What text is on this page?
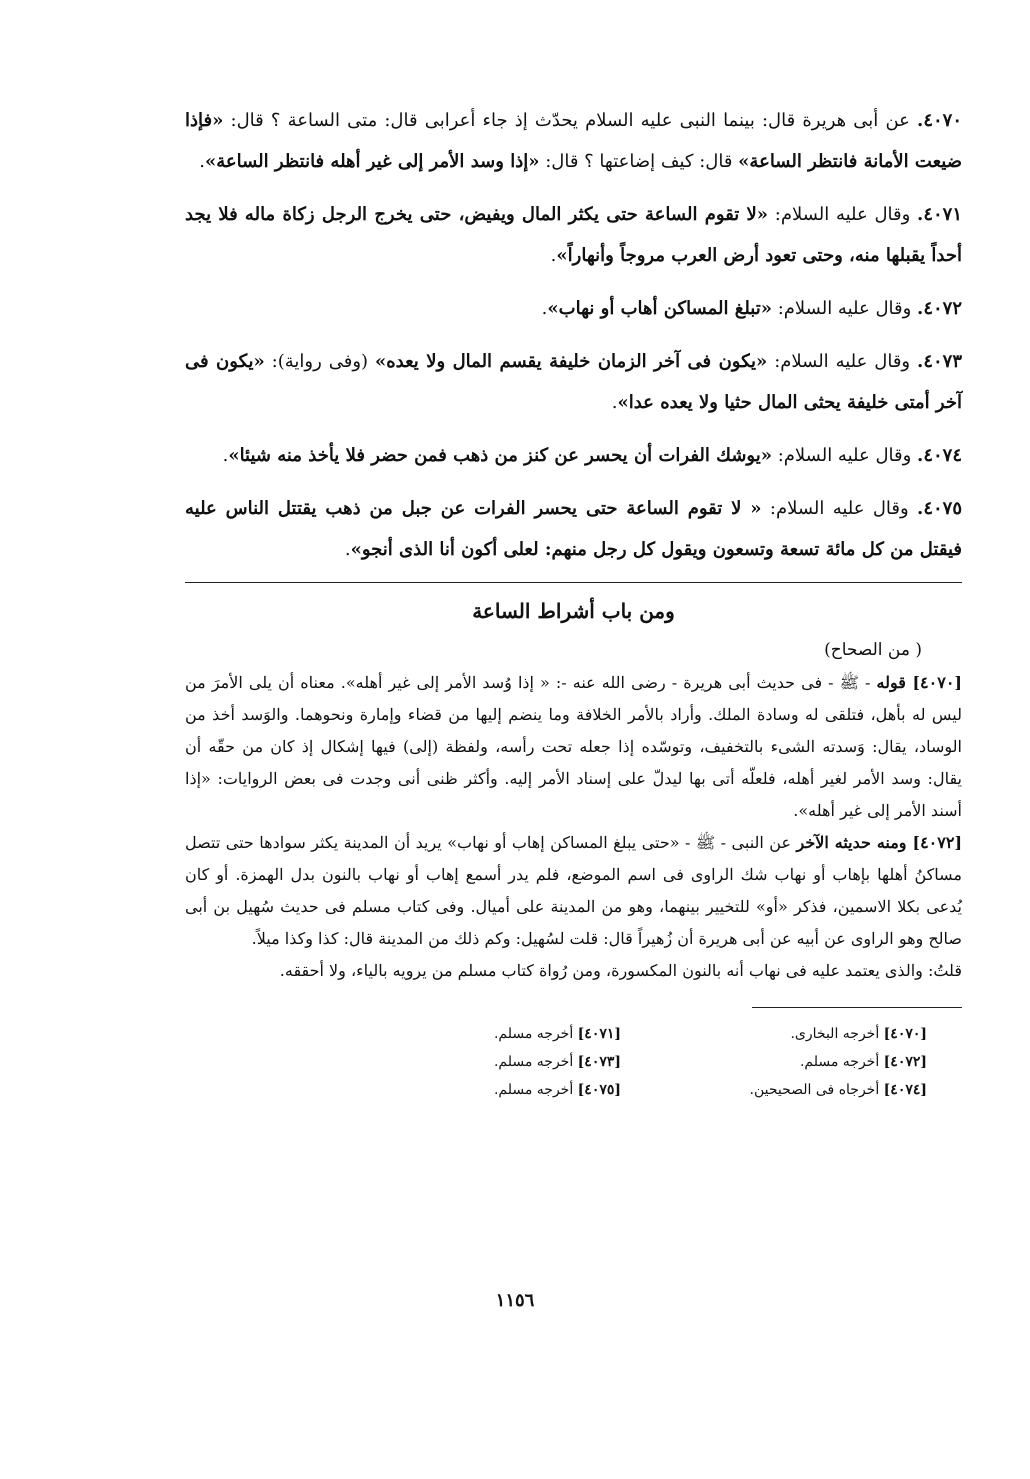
٤٠٧٠. عن أبى هريرة قال: بينما النبى عليه السلام يحدّث إذ جاء أعرابى قال: متى الساعة ؟ قال: «فإذا ضيعت الأمانة فانتظر الساعة» قال: كيف إضاعتها ؟ قال: «إذا وسد الأمر إلى غير أهله فانتظر الساعة».

٤٠٧١. وقال عليه السلام: «لا تقوم الساعة حتى يكثر المال ويفيض، حتى يخرج الرجل زكاة ماله فلا يجد أحداً يقبلها منه، وحتى تعود أرض العرب مروجاً وأنهاراً».

٤٠٧٢. وقال عليه السلام: «تبلغ المساكن أهاب أو نهاب».

٤٠٧٣. وقال عليه السلام: «يكون فى آخر الزمان خليفة يقسم المال ولا يعده» (وفى رواية): «يكون فى آخر أمتى خليفة يحثى المال حثيا ولا يعده عدا».

٤٠٧٤. وقال عليه السلام: «يوشك الفرات أن يحسر عن كنز من ذهب فمن حضر فلا يأخذ منه شيئا».

٤٠٧٥. وقال عليه السلام: « لا تقوم الساعة حتى يحسر الفرات عن جبل من ذهب يقتتل الناس عليه فيقتل من كل مائة تسعة وتسعون ويقول كل رجل منهم: لعلى أكون أنا الذى أنجو».

ومن باب أشراط الساعة

( من الصحاح)

[٤٠٧٠] قوله - ﷺ - فى حديث أبى هريرة - رضى الله عنه -: « إذا وُسد الأمر إلى غير أهله». معناه أن يلى الأمرَ من ليس له بأهل، فتلقى له وسادة الملك. وأراد بالأمر الخلافة وما ينضم إليها من قضاء وإمارة ونحوهما. والوَسد أخذ من الوساد، يقال: وَسدته الشىء بالتخفيف، وتوسّده إذا جعله تحت رأسه، ولفظة (إلى) فيها إشكال إذ كان من حقّه أن يقال: وسد الأمر لغير أهله، فلعلّه أتى بها ليدلّ على إسناد الأمر إليه. وأكثر ظنى أنى وجدت فى بعض الروايات: «إذا أسند الأمر إلى غير أهله».

[٤٠٧٢] ومنه حديثه الآخر عن النبى - ﷺ - «حتى يبلغ المساكن إهاب أو نهاب» يريد أن المدينة يكثر سوادها حتى تتصل مساكنُ أهلها بإهاب أو نهاب شك الراوى فى اسم الموضع، فلم يدر أسمع إهاب أو نهاب بالنون بدل الهمزة. أو كان يُدعى بكلا الاسمين، فذكر «أو» للتخيير بينهما، وهو من المدينة على أميال. وفى كتاب مسلم فى حديث سُهيل بن أبى صالح وهو الراوى عن أبيه عن أبى هريرة أن زُهيراً قال: قلت لسُهيل: وكم ذلك من المدينة قال: كذا وكذا ميلاً.

قلتُ: والذى يعتمد عليه فى نهاب أنه بالنون المكسورة، ومن رُواة كتاب مسلم من يرويه بالياء، ولا أحققه.

[٤٠٧٠] أخرجه البخارى.
[٤٠٧١] أخرجه مسلم.
[٤٠٧٢] أخرجه مسلم.
[٤٠٧٣] أخرجه مسلم.
[٤٠٧٤] أخرجاه فى الصحيحين.
[٤٠٧٥] أخرجه مسلم.
١١٥٦
